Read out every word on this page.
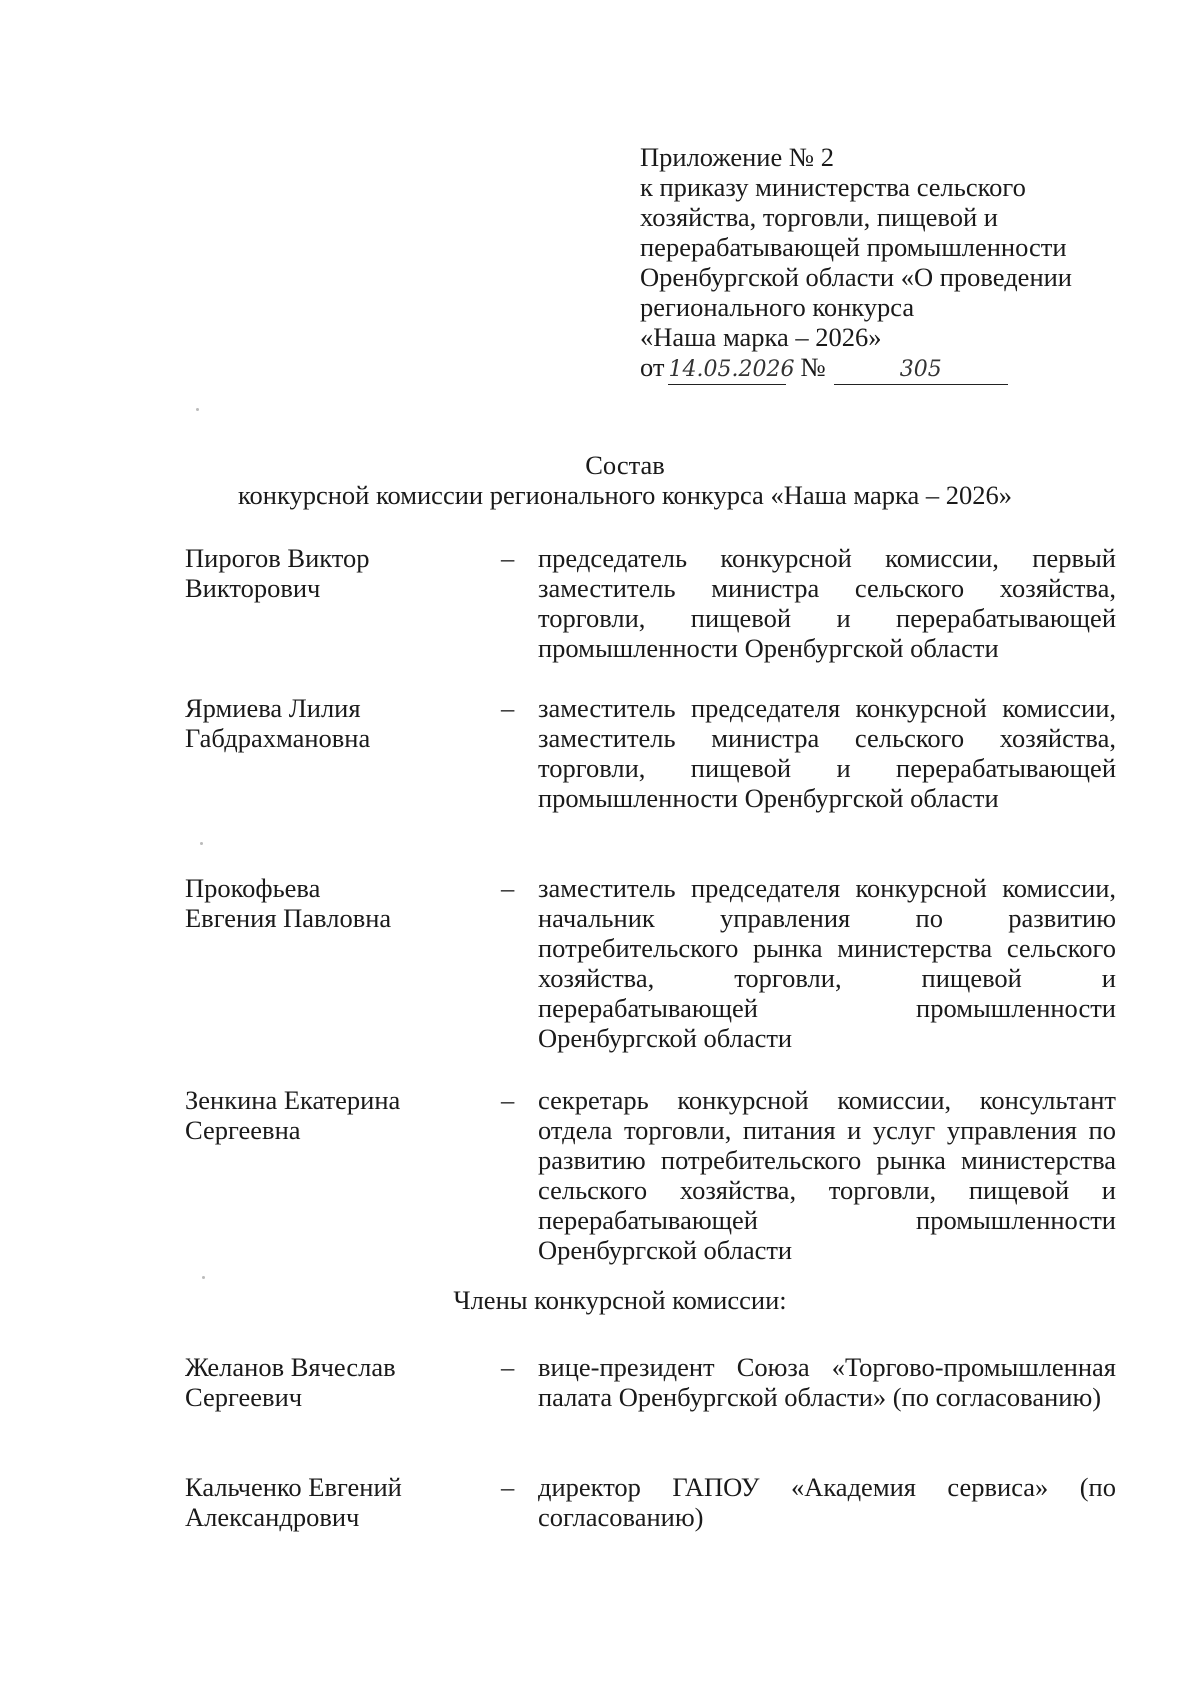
Приложение № 2
к приказу министерства сельского
хозяйства, торговли, пищевой и
перерабатывающей промышленности
Оренбургской области «О проведении
регионального конкурса
«Наша марка – 2026»
от 14.05.2026 №	305
Состав
конкурсной комиссии регионального конкурса «Наша марка – 2026»
Пирогов Виктор
Викторович
– председатель конкурсной комиссии, первый заместитель министра сельского хозяйства, торговли, пищевой и перерабатывающей промышленности Оренбургской области
Ярмиева Лилия
Габдрахмановна
– заместитель председателя конкурсной комиссии, заместитель министра сельского хозяйства, торговли, пищевой и перерабатывающей промышленности Оренбургской области
Прокофьева
Евгения Павловна
– заместитель председателя конкурсной комиссии, начальник управления по развитию потребительского рынка министерства сельского хозяйства, торговли, пищевой и перерабатывающей промышленности Оренбургской области
Зенкина Екатерина
Сергеевна
– секретарь конкурсной комиссии, консультант отдела торговли, питания и услуг управления по развитию потребительского рынка министерства сельского хозяйства, торговли, пищевой и перерабатывающей промышленности Оренбургской области
Члены конкурсной комиссии:
Желанов Вячеслав
Сергеевич
– вице-президент Союза «Торгово-промышленная палата Оренбургской области» (по согласованию)
Кальченко Евгений
Александрович
– директор ГАПОУ «Академия сервиса» (по согласованию)
